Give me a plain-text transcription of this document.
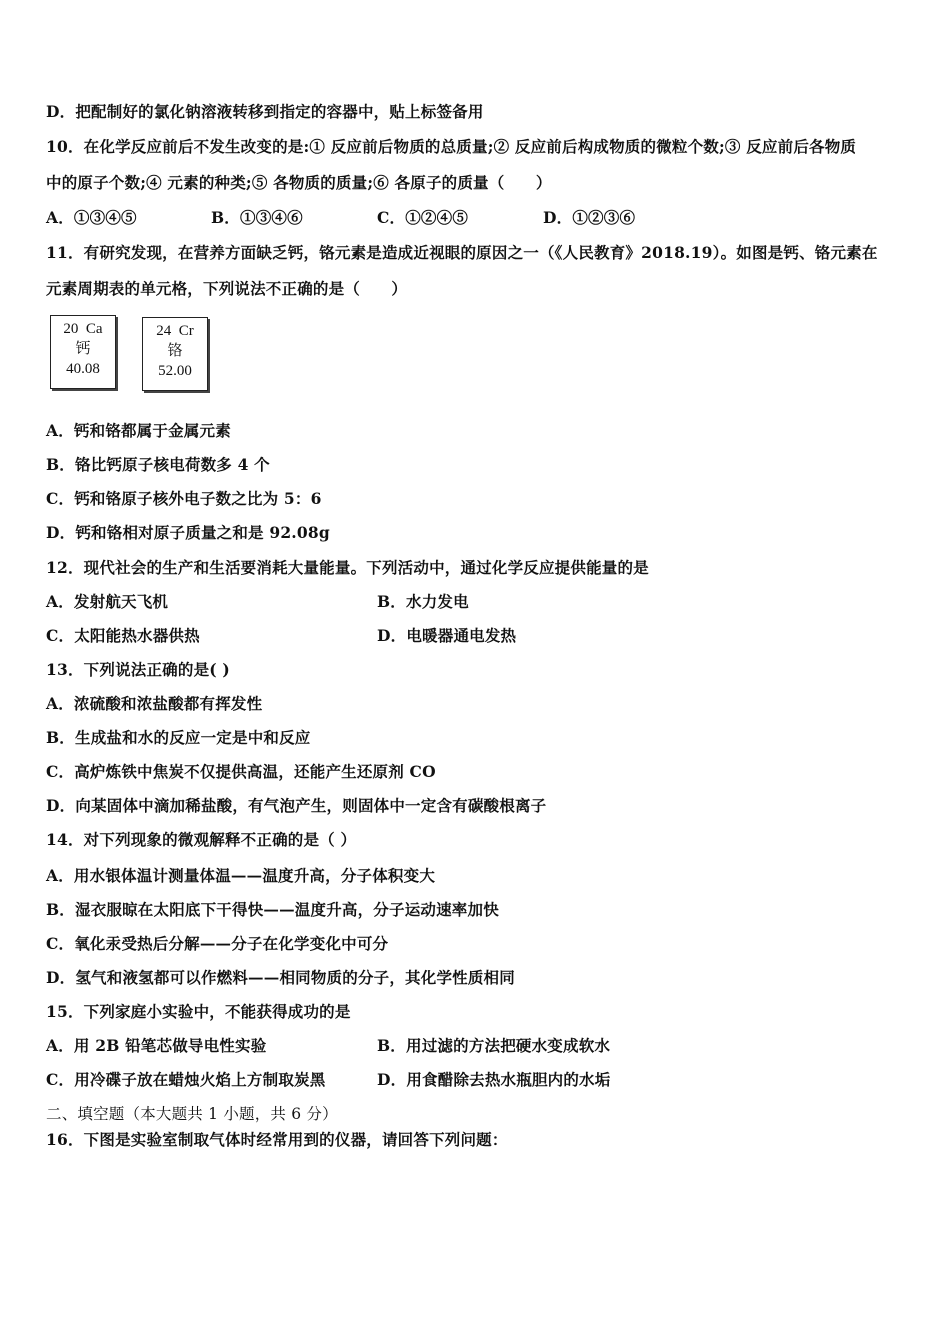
D．把配制好的氯化钠溶液转移到指定的容器中，贴上标签备用
10．在化学反应前后不发生改变的是:① 反应前后物质的总质量;② 反应前后构成物质的微粒个数;③ 反应前后各物质
中的原子个数;④ 元素的种类;⑤ 各物质的质量;⑥ 各原子的质量（　　）
A．①③④⑤	B．①③④⑥	C．①②④⑤	D．①②③⑥
11．有研究发现，在营养方面缺乏钙，铬元素是造成近视眼的原因之一（《人民教育》2018.19）。如图是钙、铬元素在
元素周期表的单元格，下列说法不正确的是（　　）
20 Ca
钙
40.08
24 Cr
铬
52.00
A．钙和铬都属于金属元素
B．铬比钙原子核电荷数多 4 个
C．钙和铬原子核外电子数之比为 5：6
D．钙和铬相对原子质量之和是 92.08g
12．现代社会的生产和生活要消耗大量能量。下列活动中，通过化学反应提供能量的是
A．发射航天飞机	B．水力发电
C．太阳能热水器供热	D．电暖器通电发热
13．下列说法正确的是( )
A．浓硫酸和浓盐酸都有挥发性
B．生成盐和水的反应一定是中和反应
C．高炉炼铁中焦炭不仅提供高温，还能产生还原剂 CO
D．向某固体中滴加稀盐酸，有气泡产生，则固体中一定含有碳酸根离子
14．对下列现象的微观解释不正确的是（ ）
A．用水银体温计测量体温——温度升高，分子体积变大
B．湿衣服晾在太阳底下干得快——温度升高，分子运动速率加快
C．氧化汞受热后分解——分子在化学变化中可分
D．氢气和液氢都可以作燃料——相同物质的分子，其化学性质相同
15．下列家庭小实验中，不能获得成功的是
A．用 2B 铅笔芯做导电性实验	B．用过滤的方法把硬水变成软水
C．用冷碟子放在蜡烛火焰上方制取炭黑	D．用食醋除去热水瓶胆内的水垢
二、填空题（本大题共 1 小题，共 6 分）
16．下图是实验室制取气体时经常用到的仪器，请回答下列问题：
